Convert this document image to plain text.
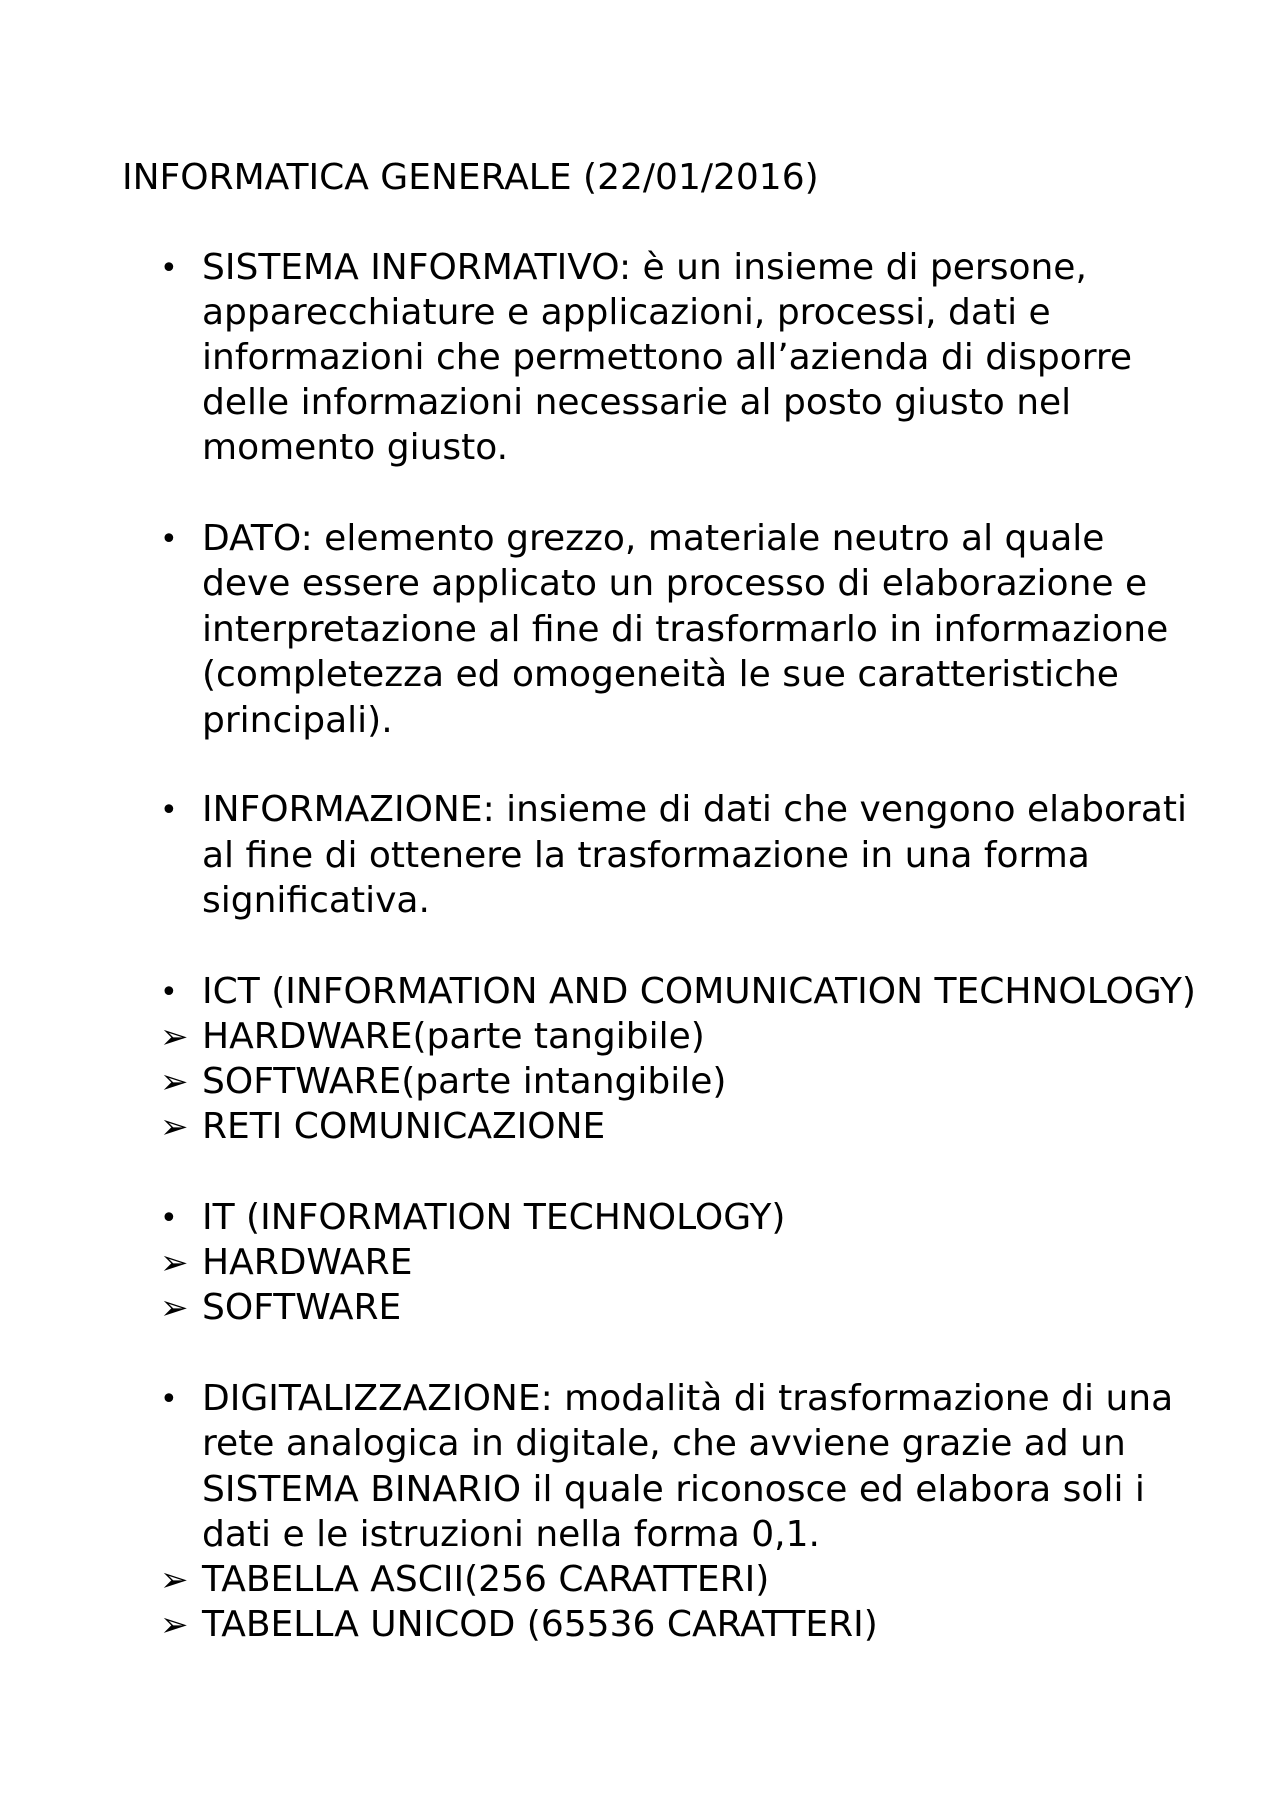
INFORMATICA GENERALE (22/01/2016)
• SISTEMA INFORMATIVO: è un insieme di persone,
apparecchiature e applicazioni, processi, dati e
informazioni che permettono all’azienda di disporre
delle informazioni necessarie al posto giusto nel
momento giusto.
• DATO: elemento grezzo, materiale neutro al quale
deve essere applicato un processo di elaborazione e
interpretazione al fine di trasformarlo in informazione
(completezza ed omogeneità le sue caratteristiche
principali).
• INFORMAZIONE: insieme di dati che vengono elaborati
al fine di ottenere la trasformazione in una forma
significativa.
• ICT (INFORMATION AND COMUNICATION TECHNOLOGY)
➢ HARDWARE(parte tangibile)
➢ SOFTWARE(parte intangibile)
➢ RETI COMUNICAZIONE
• IT (INFORMATION TECHNOLOGY)
➢ HARDWARE
➢ SOFTWARE
• DIGITALIZZAZIONE: modalità di trasformazione di una
rete analogica in digitale, che avviene grazie ad un
SISTEMA BINARIO il quale riconosce ed elabora soli i
dati e le istruzioni nella forma 0,1.
➢ TABELLA ASCII(256 CARATTERI)
➢ TABELLA UNICOD (65536 CARATTERI)
